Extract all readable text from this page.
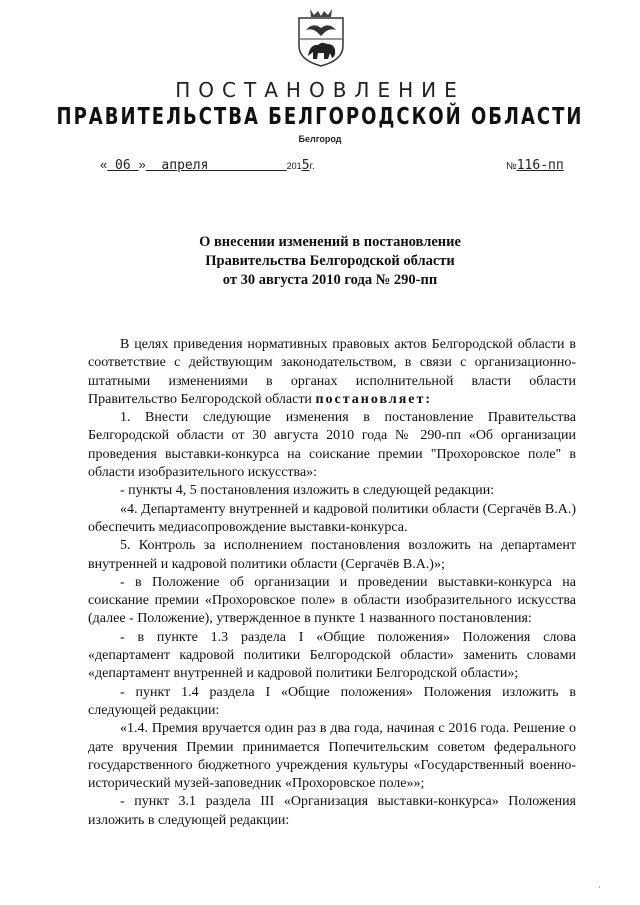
ПОСТАНОВЛЕНИЕ
ПРАВИТЕЛЬСТВА БЕЛГОРОДСКОЙ ОБЛАСТИ
Белгород
« 06 »  апреля          2015г.	№116-пп
О внесении изменений в постановление
Правительства Белгородской области
от 30 августа 2010 года № 290-пп

В целях приведения нормативных правовых актов Белгородской области в соответствие с действующим законодательством, в связи с организационно-штатными изменениями в органах исполнительной власти области Правительство Белгородской области постановляет:

1. Внести следующие изменения в постановление Правительства Белгородской области от 30 августа 2010 года № 290-пп «Об организации проведения выставки-конкурса на соискание премии "Прохоровское поле" в области изобразительного искусства»:

- пункты 4, 5 постановления изложить в следующей редакции:

«4. Департаменту внутренней и кадровой политики области (Сергачёв В.А.) обеспечить медиасопровождение выставки-конкурса.

5. Контроль за исполнением постановления возложить на департамент внутренней и кадровой политики области (Сергачёв В.А.)»;

- в Положение об организации и проведении выставки-конкурса на соискание премии «Прохоровское поле» в области изобразительного искусства (далее - Положение), утвержденное в пункте 1 названного постановления:

- в пункте 1.3 раздела I «Общие положения» Положения слова «департамент кадровой политики Белгородской области» заменить словами «департамент внутренней и кадровой политики Белгородской области»;

- пункт 1.4 раздела I «Общие положения» Положения изложить в следующей редакции:

«1.4. Премия вручается один раз в два года, начиная с 2016 года. Решение о дате вручения Премии принимается Попечительским советом федерального государственного бюджетного учреждения культуры «Государственный военно-исторический музей-заповедник «Прохоровское поле»»;

- пункт 3.1 раздела III «Организация выставки-конкурса» Положения изложить в следующей редакции:

·
